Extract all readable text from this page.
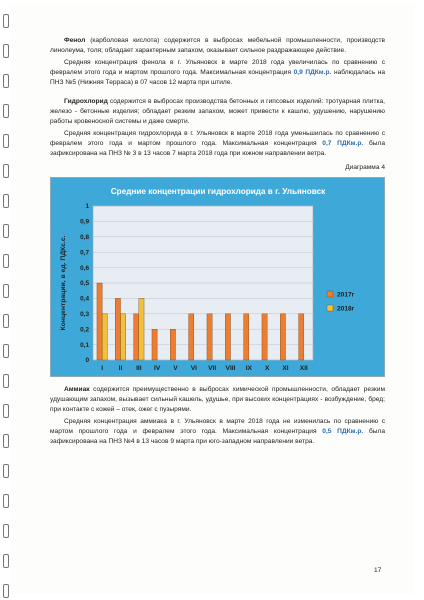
Фенол (карболовая кислота) содержится в выбросах мебельной промышленности, производств линолеума, толя; обладает характерным запахом, оказывает сильное раздражающее действие.

Средняя концентрация фенола в г. Ульяновск в марте 2018 года увеличилась по сравнению с февралем этого года и мартом прошлого года. Максимальная концентрация 0,9 ПДКм.р. наблюдалась на ПНЗ №5 (Нижняя Терраса) в 07 часов 12 марта при штиле.

Гидрохлорид содержится в выбросах производства бетонных и гипсовых изделий: тротуарная плитка, железо - бетонные изделия; обладает резким запахом, может привести к кашлю, удушению, нарушению работы кровеносной системы и даже смерти.

Средняя концентрация гидрохлорида в г. Ульяновск в марте 2018 года уменьшилась по сравнению с февралем этого года и мартом прошлого года. Максимальная концентрация 0,7 ПДКм.р. была зафиксирована на ПНЗ № 3 в 13 часов 7 марта 2018 года при южном направлении ветра.

Диаграмма 4
Средние концентрации гидрохлорида в г. Ульяновск
0
0,1
0,2
0,3
0,4
0,5
0,6
0,7
0,8
0,9
1
Концентрации, в ед. ПДКс.с.
I II III IV V VI VII VIII IX X XI XII
2017г
2018г

Аммиак содержится преимущественно в выбросах химической промышленности, обладает резким удушающим запахом, вызывает сильный кашель, удушье, при высоких концентрациях - возбуждение, бред; при контакте с кожей – отек, ожег с пузырями.

Средняя концентрация аммиака в г. Ульяновск в марте 2018 года не изменилась по сравнению с мартом прошлого года и февралем этого года. Максимальная концентрация 0,5 ПДКм.р. была зафиксирована на ПНЗ №4 в 13 часов 9 марта при юго-западном направлении ветра.

17
